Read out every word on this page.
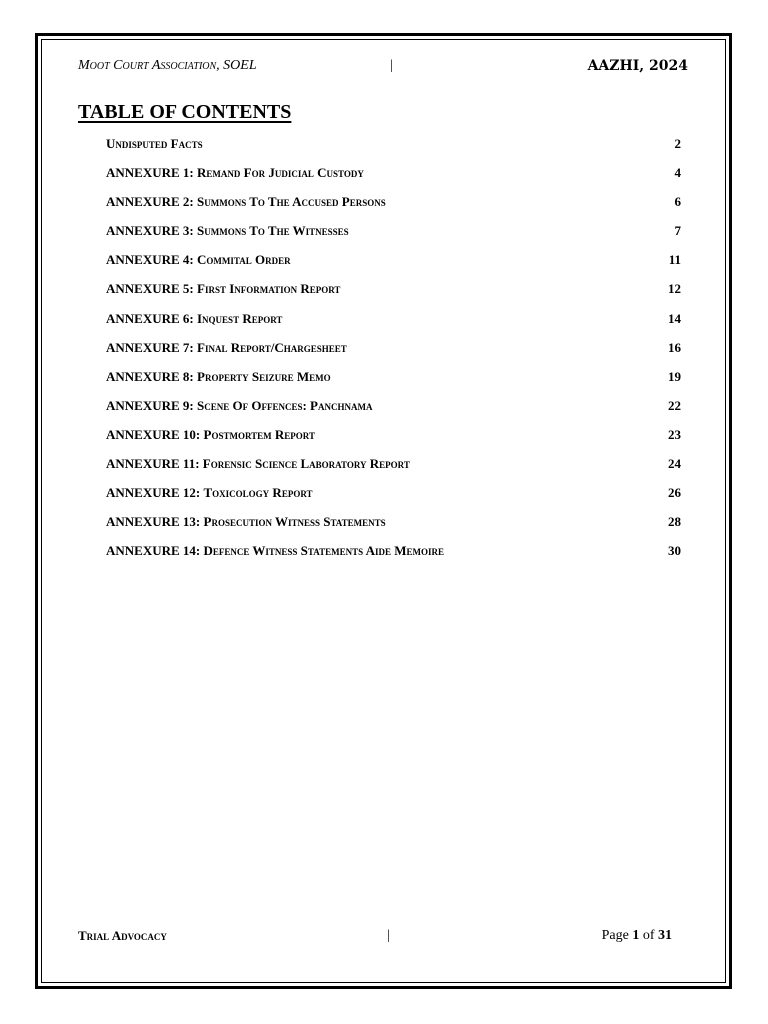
Moot Court Association, SOEL	|	AAZHI, 2024
TABLE OF CONTENTS
Undisputed Facts	2
ANNEXURE 1: Remand For Judicial Custody	4
ANNEXURE 2: Summons To The Accused Persons	6
ANNEXURE 3: Summons To The Witnesses	7
ANNEXURE 4: Commital Order	11
ANNEXURE 5: First Information Report	12
ANNEXURE 6: Inquest Report	14
ANNEXURE 7: Final Report/Chargesheet	16
ANNEXURE 8: Property Seizure Memo	19
ANNEXURE 9: Scene Of Offences: Panchnama	22
ANNEXURE 10: Postmortem Report	23
ANNEXURE 11: Forensic Science Laboratory Report	24
ANNEXURE 12: Toxicology Report	26
ANNEXURE 13: Prosecution Witness Statements	28
ANNEXURE 14: Defence Witness Statements Aide Memoire	30
Trial Advocacy	|	Page 1 of 31
